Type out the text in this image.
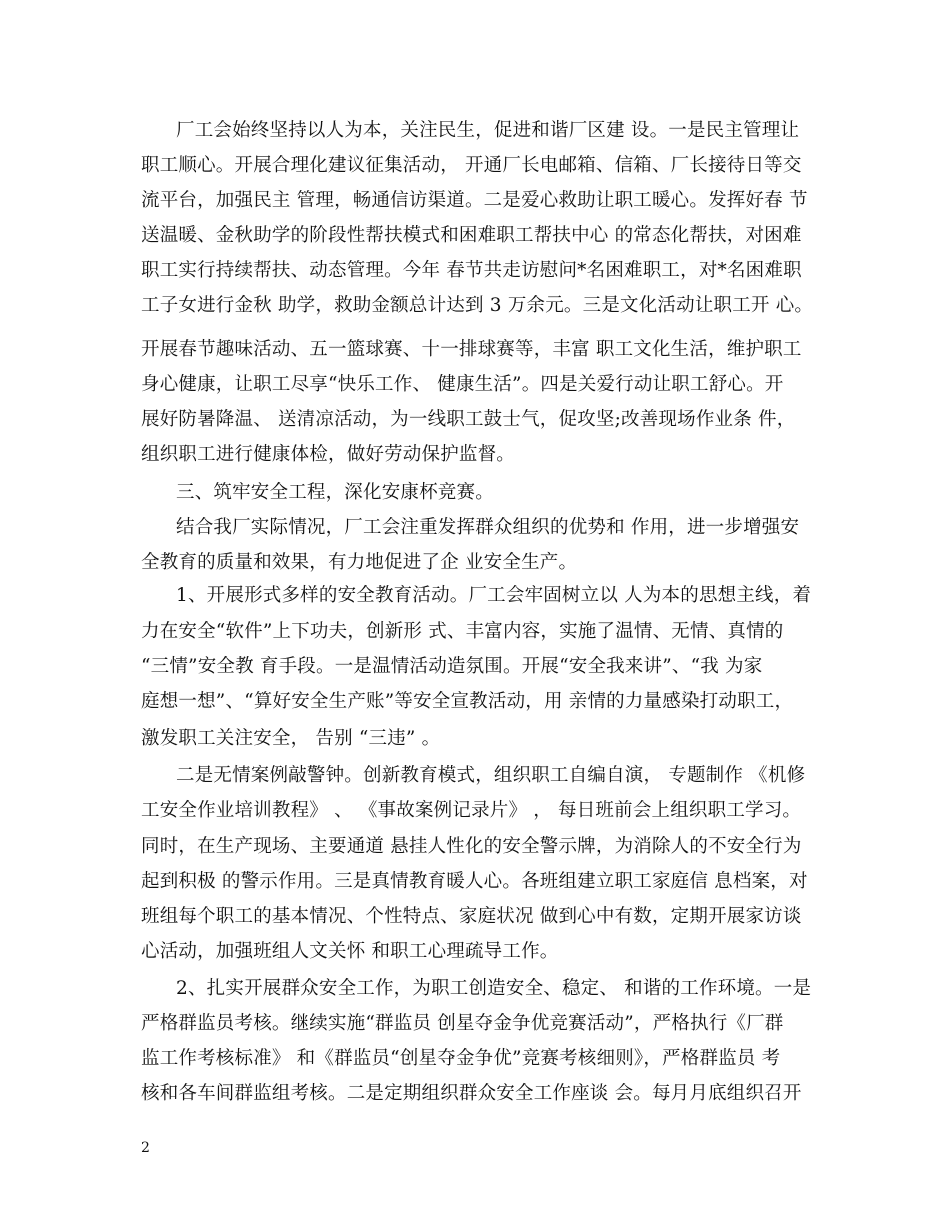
厂工会始终坚持以人为本，关注民生，促进和谐厂区建 设。一是民主管理让
职工顺心。开展合理化建议征集活动， 开通厂长电邮箱、信箱、厂长接待日等交
流平台，加强民主 管理，畅通信访渠道。二是爱心救助让职工暖心。发挥好春 节
送温暖、金秋助学的阶段性帮扶模式和困难职工帮扶中心 的常态化帮扶，对困难
职工实行持续帮扶、动态管理。今年 春节共走访慰问*名困难职工，对*名困难职
工子女进行金秋 助学，救助金额总计达到 3 万余元。三是文化活动让职工开 心。
开展春节趣味活动、五一篮球赛、十一排球赛等，丰富 职工文化生活，维护职工
身心健康，让职工尽享“快乐工作、 健康生活”。四是关爱行动让职工舒心。开
展好防暑降温、 送清凉活动，为一线职工鼓士气，促攻坚;改善现场作业条 件，
组织职工进行健康体检，做好劳动保护监督。
三、筑牢安全工程，深化安康杯竞赛。
结合我厂实际情况，厂工会注重发挥群众组织的优势和 作用，进一步增强安
全教育的质量和效果，有力地促进了企 业安全生产。
1、开展形式多样的安全教育活动。厂工会牢固树立以 人为本的思想主线，着
力在安全“软件”上下功夫，创新形 式、丰富内容，实施了温情、无情、真情的
“三情”安全教 育手段。一是温情活动造氛围。开展“安全我来讲”、“我 为家
庭想一想”、“算好安全生产账”等安全宣教活动，用 亲情的力量感染打动职工，
激发职工关注安全， 告别 “三违” 。
二是无情案例敲警钟。创新教育模式，组织职工自编自演， 专题制作 《机修
工安全作业培训教程》 、 《事故案例记录片》 ， 每日班前会上组织职工学习。
同时，在生产现场、主要通道 悬挂人性化的安全警示牌，为消除人的不安全行为
起到积极 的警示作用。三是真情教育暖人心。各班组建立职工家庭信 息档案，对
班组每个职工的基本情况、个性特点、家庭状况 做到心中有数，定期开展家访谈
心活动，加强班组人文关怀 和职工心理疏导工作。
2、扎实开展群众安全工作，为职工创造安全、稳定、 和谐的工作环境。一是
严格群监员考核。继续实施“群监员 创星夺金争优竞赛活动”，严格执行《厂群
监工作考核标准》 和《群监员“创星夺金争优”竞赛考核细则》，严格群监员 考
核和各车间群监组考核。二是定期组织群众安全工作座谈 会。每月月底组织召开
2
